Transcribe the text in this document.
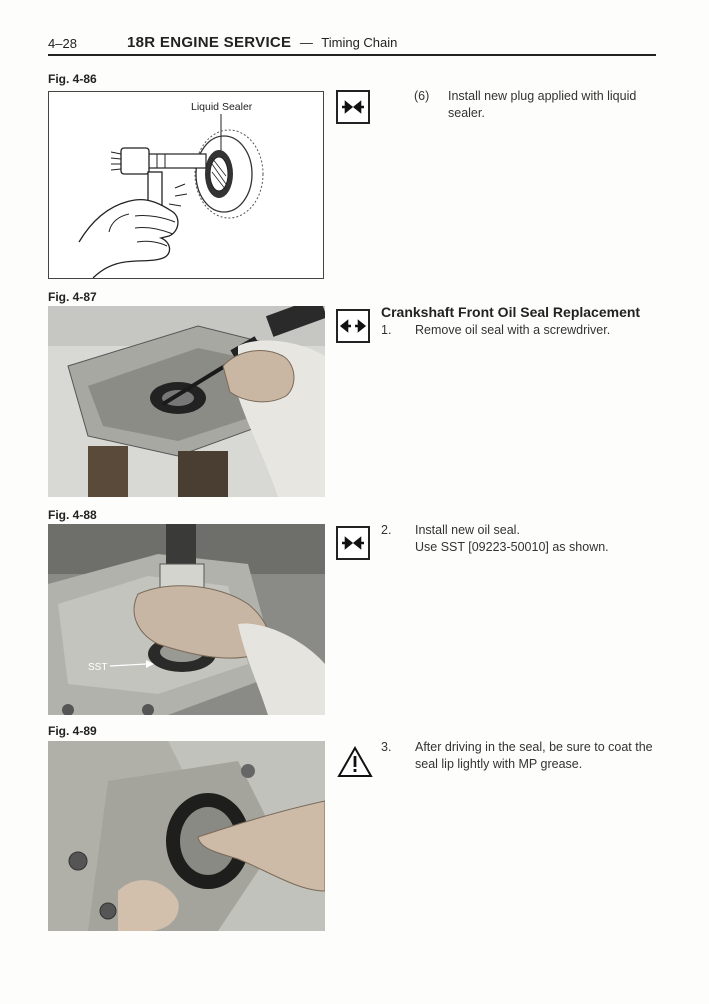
4–28	18R ENGINE SERVICE — Timing Chain
Fig. 4-86
Liquid Sealer
Fig. 4-87
Fig. 4-88
SST
Fig. 4-89
(6) Install new plug applied with liquid
sealer.
Crankshaft Front Oil Seal Replacement
1. Remove oil seal with a screwdriver.
2. Install new oil seal.
Use SST [09223-50010] as shown.
3. After driving in the seal, be sure to coat the
seal lip lightly with MP grease.
